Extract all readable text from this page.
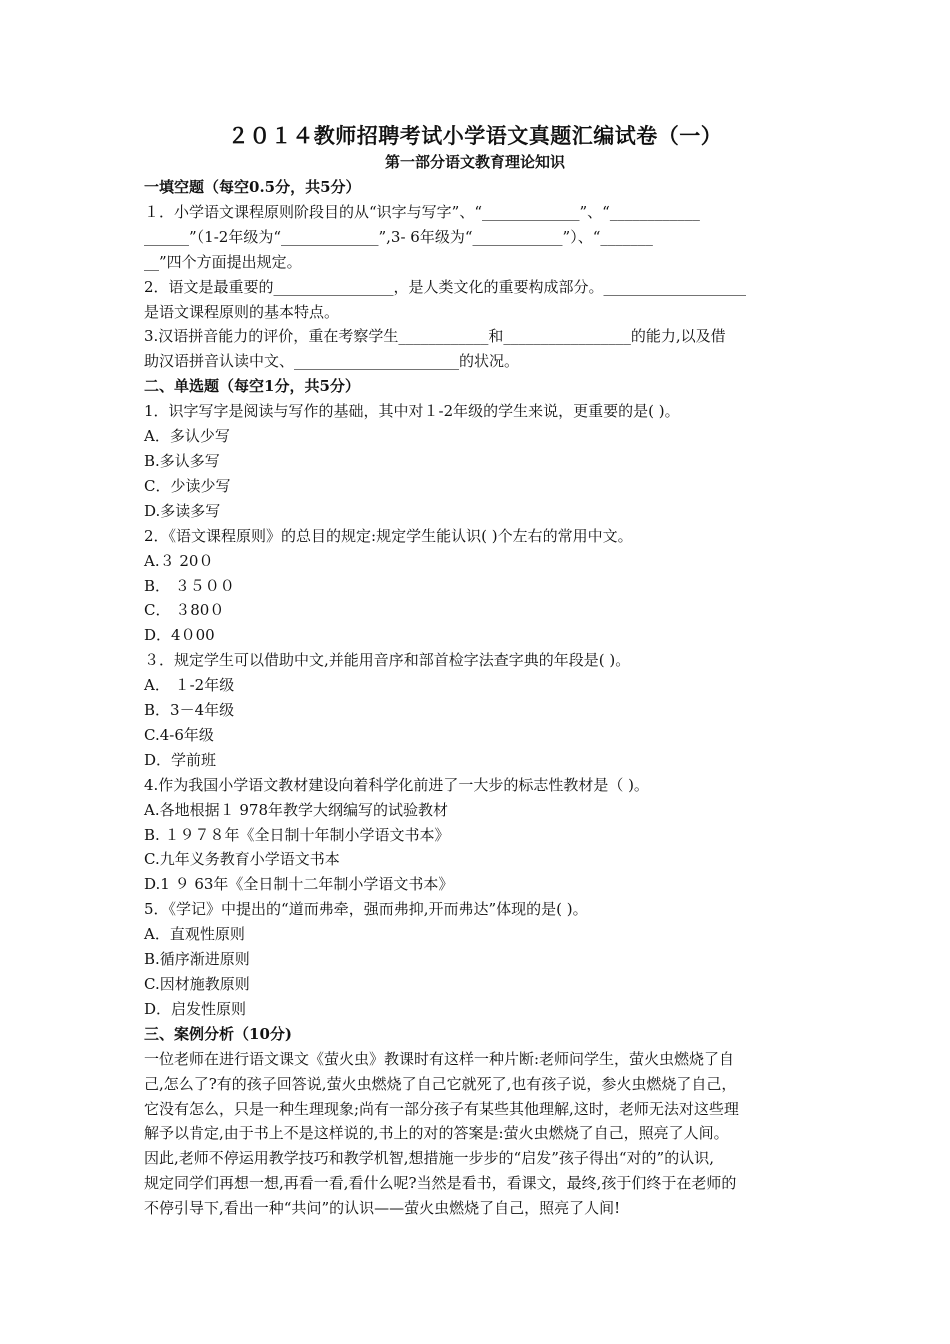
２０１４教师招聘考试小学语文真题汇编试卷（一）
第一部分语文教育理论知识
一填空题（每空0.5分，共5分）
１．小学语文课程原则阶段目的从“识字与写字”、“_____________”、“____________
______”（1-2年级为“_____________”,3- 6年级为“____________”）、“_______
__”四个方面提出规定。
2．语文是最重要的________________，是人类文化的重要构成部分。___________________
是语文课程原则的基本特点。
3.汉语拼音能力的评价，重在考察学生____________和_________________的能力,以及借
助汉语拼音认读中文、______________________的状况。
二、单选题（每空1分，共5分）
1．识字写字是阅读与写作的基础，其中对１-2年级的学生来说，更重要的是( )。
A．多认少写
B.多认多写
C．少读少写
D.多读多写
2．《语文课程原则》的总目的规定:规定学生能认识( )个左右的常用中文。
A.３ 20０
B． ３５００
C． ３80０
D．4０00
３．规定学生可以借助中文,并能用音序和部首检字法查字典的年段是( )。
A． １-2年级
B．3－4年级
C.4-6年级
D．学前班
4.作为我国小学语文教材建设向着科学化前进了一大步的标志性教材是（ )。
A.各地根据１ 978年教学大纲编写的试验教材
B. １９７８年《全日制十年制小学语文书本》
C.九年义务教育小学语文书本
D.1 ９ 63年《全日制十二年制小学语文书本》
5．《学记》中提出的“道而弗牵，强而弗抑,开而弗达”体现的是( )。
A．直观性原则
B.循序渐进原则
C.因材施教原则
D．启发性原则
三、案例分析（10分)
一位老师在进行语文课文《萤火虫》教课时有这样一种片断:老师问学生，萤火虫燃烧了自
己,怎么了?有的孩子回答说,萤火虫燃烧了自己它就死了,也有孩子说，参火虫燃烧了自己，
它没有怎么，只是一种生理现象;尚有一部分孩子有某些其他理解,这时，老师无法对这些理
解予以肯定,由于书上不是这样说的,书上的对的答案是:萤火虫燃烧了自己，照亮了人间。
因此,老师不停运用教学技巧和教学机智,想措施一步步的“启发”孩子得出“对的”的认识,
规定同学们再想一想,再看一看,看什么呢?当然是看书，看课文，最终,孩于们终于在老师的
不停引导下,看出一种“共问”的认识——萤火虫燃烧了自己，照亮了人间!
